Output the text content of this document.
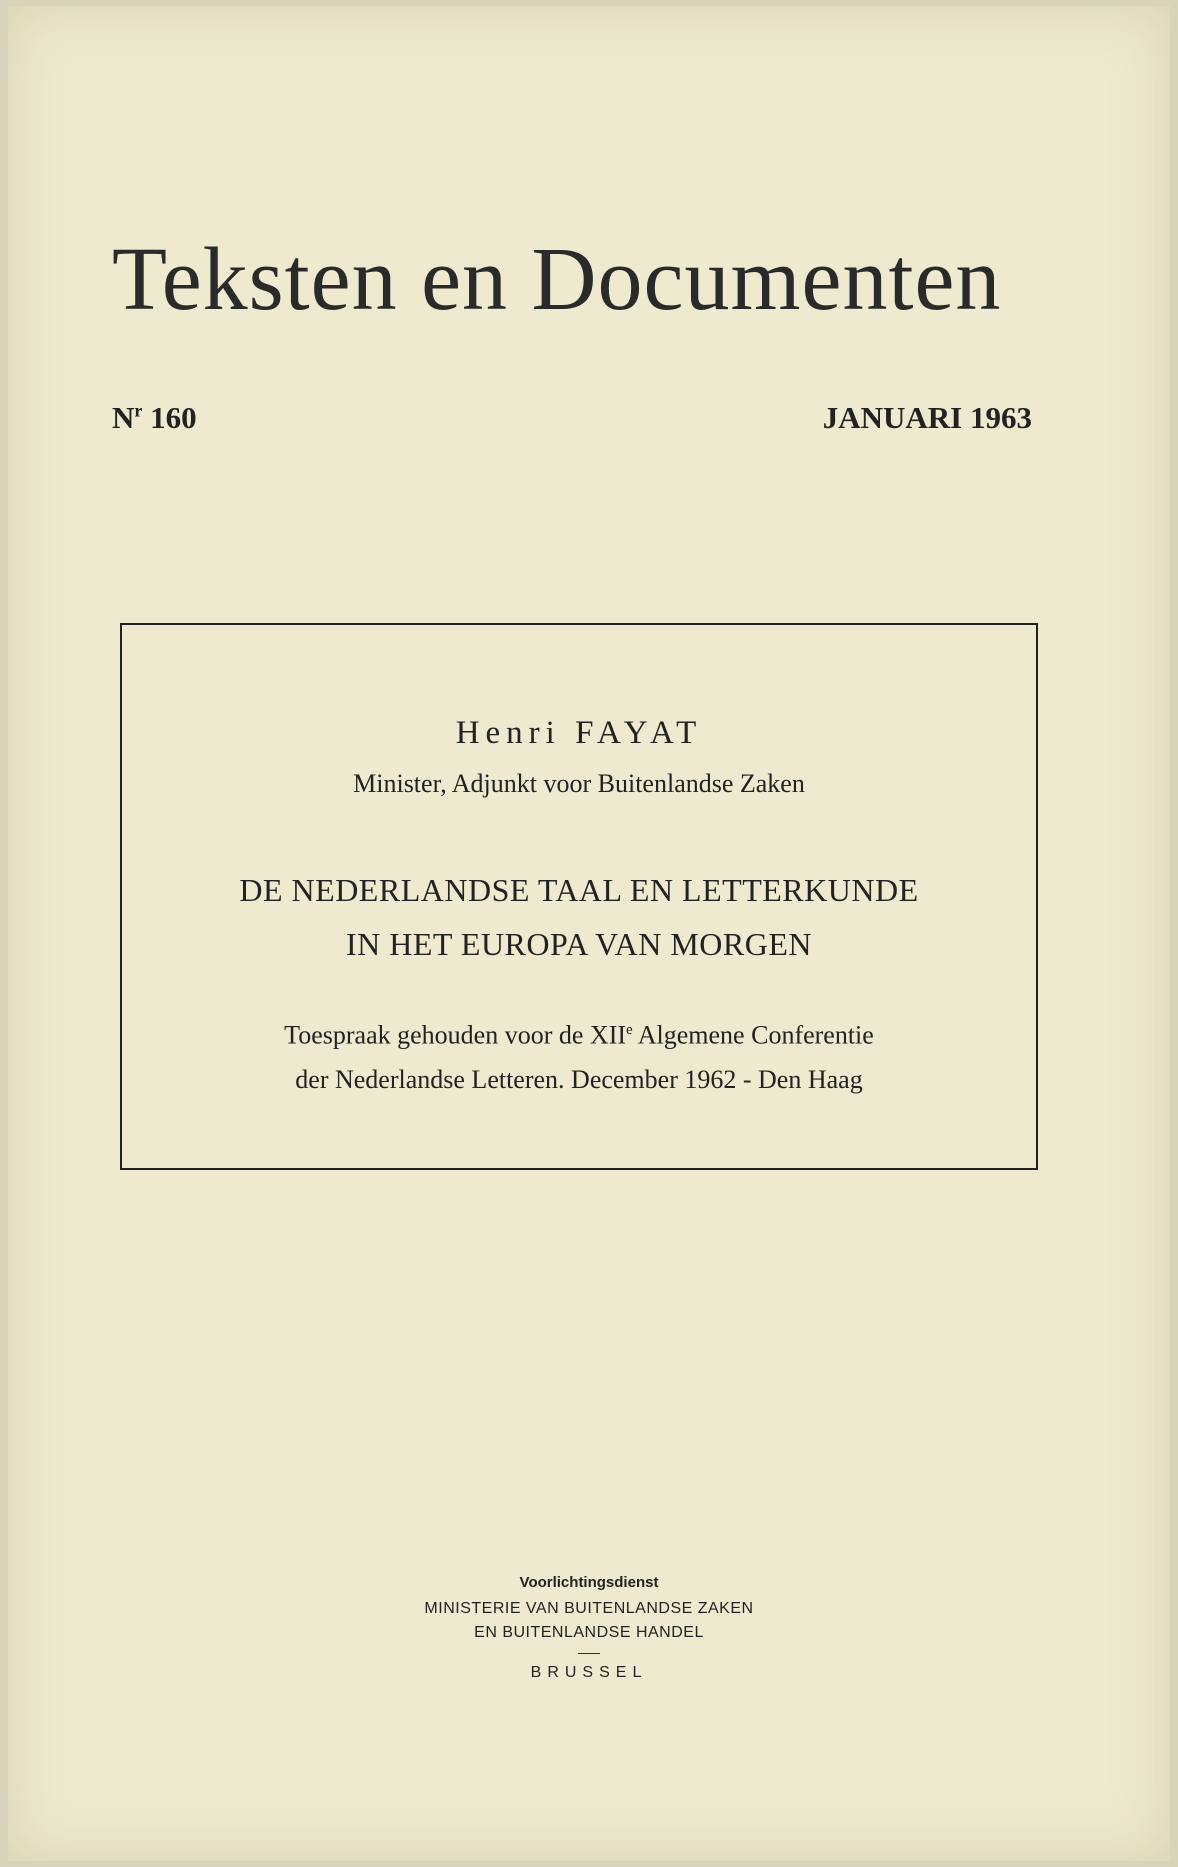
Teksten en Documenten
$N^r$ 160	JANUARI 1963
Henri FAYAT
Minister, Adjunkt voor Buitenlandse Zaken
DE NEDERLANDSE TAAL EN LETTERKUNDE
IN HET EUROPA VAN MORGEN
Toespraak gehouden voor de XIIe Algemene Conferentie
der Nederlandse Letteren. December 1962 - Den Haag
Voorlichtingsdienst
MINISTERIE VAN BUITENLANDSE ZAKEN
EN BUITENLANDSE HANDEL
BRUSSEL
